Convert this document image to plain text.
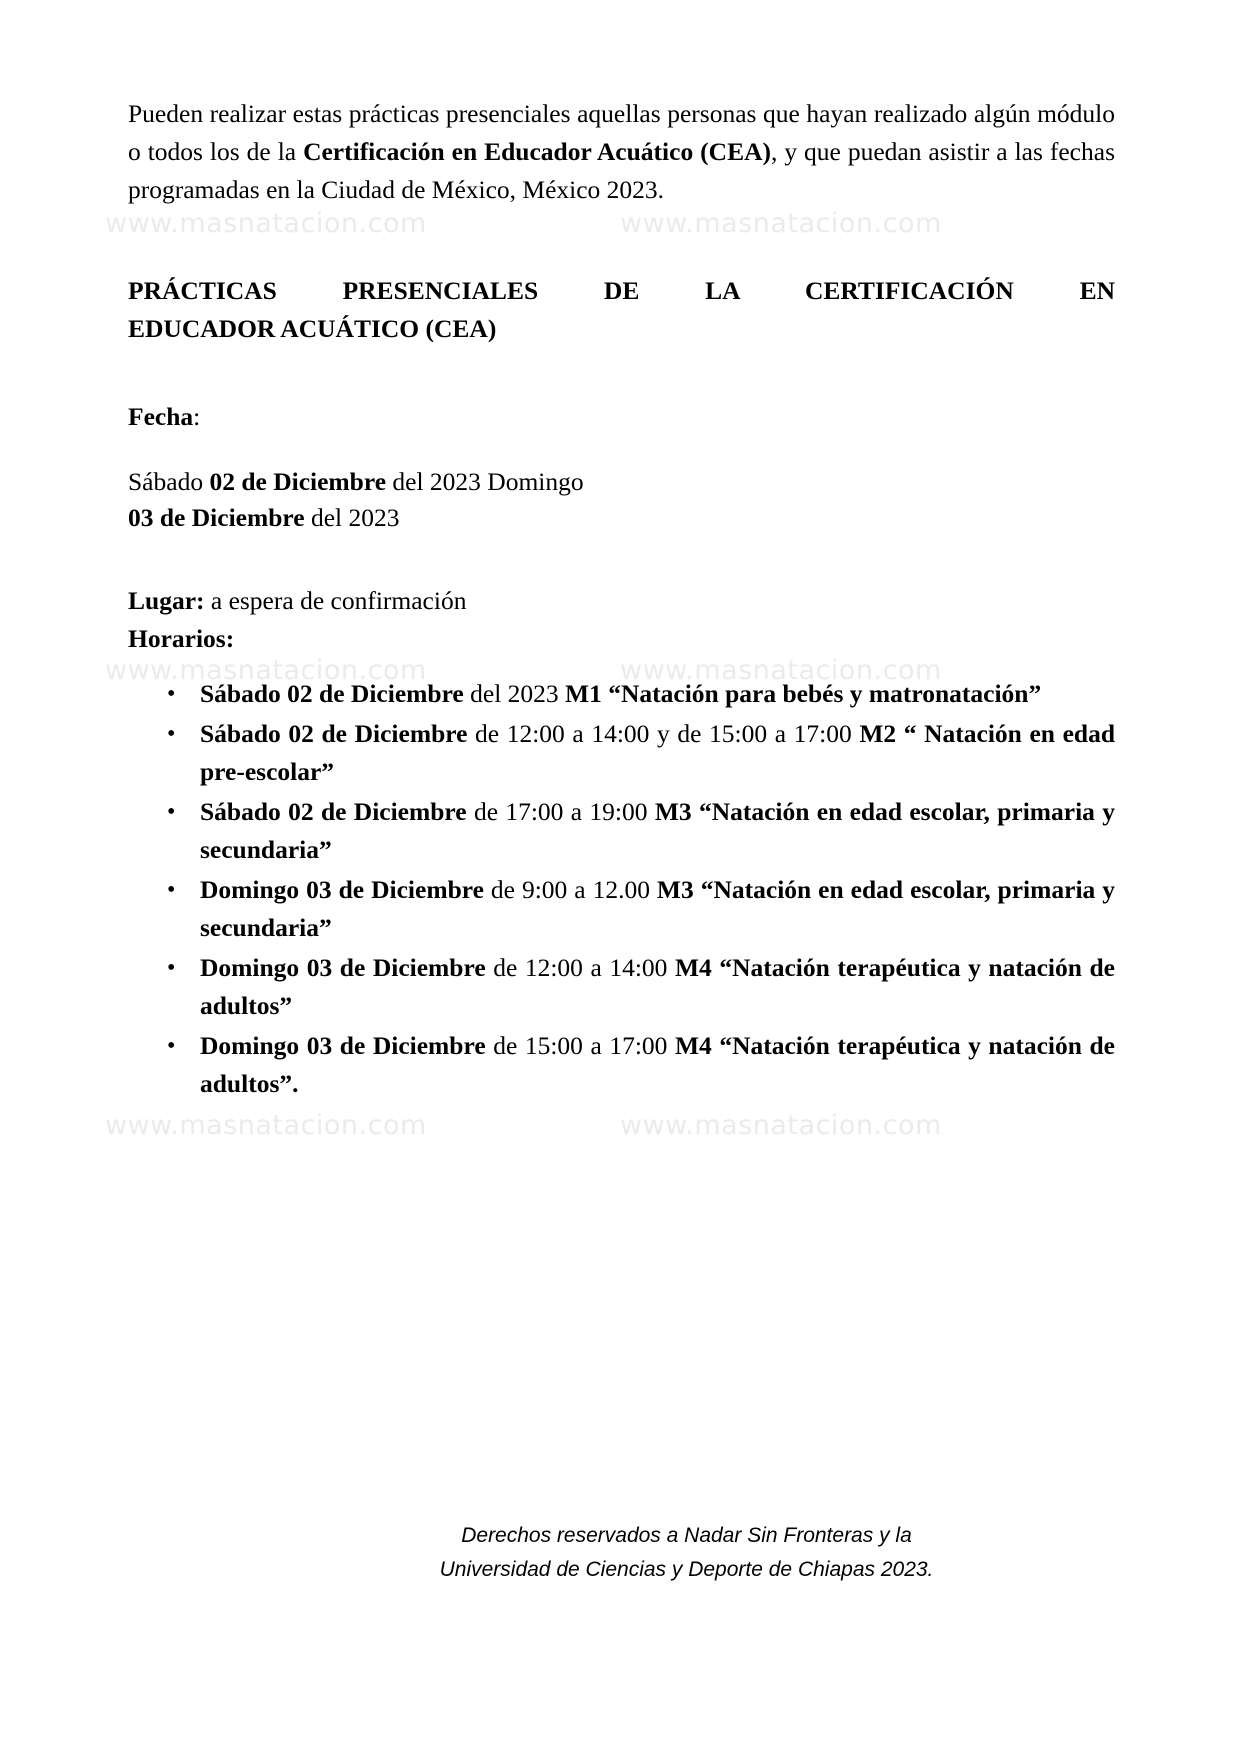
www.masnatacion.com	www.masnatacion.com
www.masnatacion.com	www.masnatacion.com
www.masnatacion.com	www.masnatacion.com

Pueden realizar estas prácticas presenciales aquellas personas que hayan realizado algún módulo o todos los de la Certificación en Educador Acuático (CEA), y que puedan asistir a las fechas programadas en la Ciudad de México, México 2023.

PRÁCTICAS PRESENCIALES DE LA CERTIFICACIÓN EN
EDUCADOR ACUÁTICO (CEA)

Fecha:

Sábado 02 de Diciembre del 2023 Domingo
03 de Diciembre del 2023

Lugar: a espera de confirmación
Horarios:

• Sábado 02 de Diciembre del 2023 M1 “Natación para bebés y matronatación”
• Sábado 02 de Diciembre de 12:00 a 14:00 y de 15:00 a 17:00 M2 “ Natación en edad pre-escolar”
• Sábado 02 de Diciembre de 17:00 a 19:00 M3 “Natación en edad escolar, primaria y secundaria”
• Domingo 03 de Diciembre de 9:00 a 12.00 M3 “Natación en edad escolar, primaria y secundaria”
• Domingo 03 de Diciembre de 12:00 a 14:00 M4 “Natación terapéutica y natación de adultos”
• Domingo 03 de Diciembre de 15:00 a 17:00 M4 “Natación terapéutica y natación de adultos”.
Derechos reservados a Nadar Sin Fronteras y la
Universidad de Ciencias y Deporte de Chiapas 2023.
